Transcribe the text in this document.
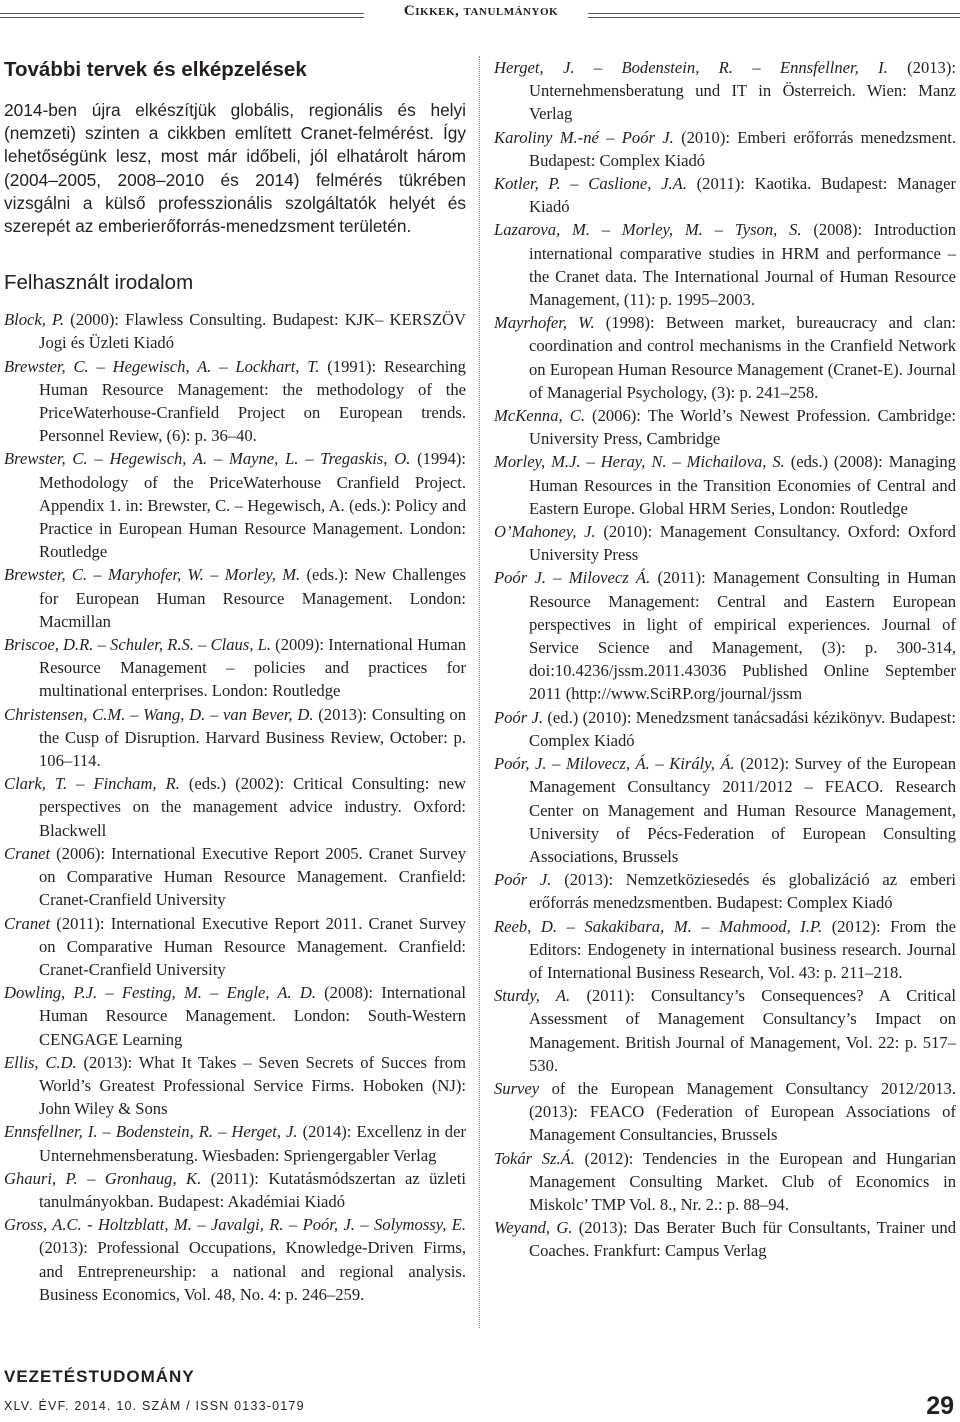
Cikkek, tanulmányok
További tervek és elképzelések

2014-ben újra elkészítjük globális, regionális és helyi (nemzeti) szinten a cikkben említett Cranet-felmérést. Így lehetőségünk lesz, most már időbeli, jól elhatárolt három (2004–2005, 2008–2010 és 2014) felmérés tükrében vizsgálni a külső professzionális szolgáltatók helyét és szerepét az emberierőforrás-menedzsment területén.

Felhasznált irodalom

Block, P. (2000): Flawless Consulting. Budapest: KJK– KERSZÖV Jogi és Üzleti Kiadó

Brewster, C. – Hegewisch, A. – Lockhart, T. (1991): Researching Human Resource Management: the methodology of the PriceWaterhouse-Cranfield Project on European trends. Personnel Review, (6): p. 36–40.

Brewster, C. – Hegewisch, A. – Mayne, L. – Tregaskis, O. (1994): Methodology of the PriceWaterhouse Cranfield Project. Appendix 1. in: Brewster, C. – Hegewisch, A. (eds.): Policy and Practice in European Human Resource Management. London: Routledge

Brewster, C. – Maryhofer, W. – Morley, M. (eds.): New Challenges for European Human Resource Management. London: Macmillan

Briscoe, D.R. – Schuler, R.S. – Claus, L. (2009): International Human Resource Management – policies and practices for multinational enterprises. London: Routledge

Christensen, C.M. – Wang, D. – van Bever, D. (2013): Consulting on the Cusp of Disruption. Harvard Business Review, October: p. 106–114.

Clark, T. – Fincham, R. (eds.) (2002): Critical Consulting: new perspectives on the management advice industry. Oxford: Blackwell

Cranet (2006): International Executive Report 2005. Cranet Survey on Comparative Human Resource Management. Cranfield: Cranet-Cranfield University

Cranet (2011): International Executive Report 2011. Cranet Survey on Comparative Human Resource Management. Cranfield: Cranet-Cranfield University

Dowling, P.J. – Festing, M. – Engle, A. D. (2008): International Human Resource Management. London: South-Western CENGAGE Learning

Ellis, C.D. (2013): What It Takes – Seven Secrets of Succes from World’s Greatest Professional Service Firms. Hoboken (NJ): John Wiley & Sons

Ennsfellner, I. – Bodenstein, R. – Herget, J. (2014): Excellenz in der Unternehmensberatung. Wiesbaden: Spriengergabler Verlag

Ghauri, P. – Gronhaug, K. (2011): Kutatásmódszertan az üzleti tanulmányokban. Budapest: Akadémiai Kiadó

Gross, A.C. - Holtzblatt, M. – Javalgi, R. – Poór, J. – Solymossy, E. (2013): Professional Occupations, Knowledge-Driven Firms, and Entrepreneurship: a national and regional analysis. Business Economics, Vol. 48, No. 4: p. 246–259.

Herget, J. – Bodenstein, R. – Ennsfellner, I. (2013): Unternehmensberatung und IT in Österreich. Wien: Manz Verlag

Karoliny M.-né – Poór J. (2010): Emberi erőforrás menedzsment. Budapest: Complex Kiadó

Kotler, P. – Caslione, J.A. (2011): Kaotika. Budapest: Manager Kiadó

Lazarova, M. – Morley, M. – Tyson, S. (2008): Introduction international comparative studies in HRM and performance – the Cranet data. The International Journal of Human Resource Management, (11): p. 1995–2003.

Mayrhofer, W. (1998): Between market, bureaucracy and clan: coordination and control mechanisms in the Cranfield Network on European Human Resource Management (Cranet-E). Journal of Managerial Psychology, (3): p. 241–258.

McKenna, C. (2006): The World’s Newest Profession. Cambridge: University Press, Cambridge

Morley, M.J. – Heray, N. – Michailova, S. (eds.) (2008): Managing Human Resources in the Transition Economies of Central and Eastern Europe. Global HRM Series, London: Routledge

O’Mahoney, J. (2010): Management Consultancy. Oxford: Oxford University Press

Poór J. – Milovecz Á. (2011): Management Consulting in Human Resource Management: Central and Eastern European perspectives in light of empirical experiences. Journal of Service Science and Management, (3): p. 300-314, doi:10.4236/jssm.2011.43036 Published Online September 2011 (http://www.SciRP.org/journal/jssm

Poór J. (ed.) (2010): Menedzsment tanácsadási kézikönyv. Budapest: Complex Kiadó

Poór, J. – Milovecz, Á. – Király, Á. (2012): Survey of the European Management Consultancy 2011/2012 – FEACO. Research Center on Management and Human Resource Management, University of Pécs-Federation of European Consulting Associations, Brussels

Poór J. (2013): Nemzetköziesedés és globalizáció az emberi erőforrás menedzsmentben. Budapest: Complex Kiadó

Reeb, D. – Sakakibara, M. – Mahmood, I.P. (2012): From the Editors: Endogenety in international business research. Journal of International Business Research, Vol. 43: p. 211–218.

Sturdy, A. (2011): Consultancy’s Consequences? A Critical Assessment of Management Consultancy’s Impact on Management. British Journal of Management, Vol. 22: p. 517–530.

Survey of the European Management Consultancy 2012/2013. (2013): FEACO (Federation of European Associations of Management Consultancies, Brussels

Tokár Sz.Á. (2012): Tendencies in the European and Hungarian Management Consulting Market. Club of Economics in Miskolc’ TMP Vol. 8., Nr. 2.: p. 88–94.

Weyand, G. (2013): Das Berater Buch für Consultants, Trainer und Coaches. Frankfurt: Campus Verlag

VEZETÉSTUDOMÁNY
XLV. ÉVF. 2014. 10. SZÁM / ISSN 0133-0179	29
